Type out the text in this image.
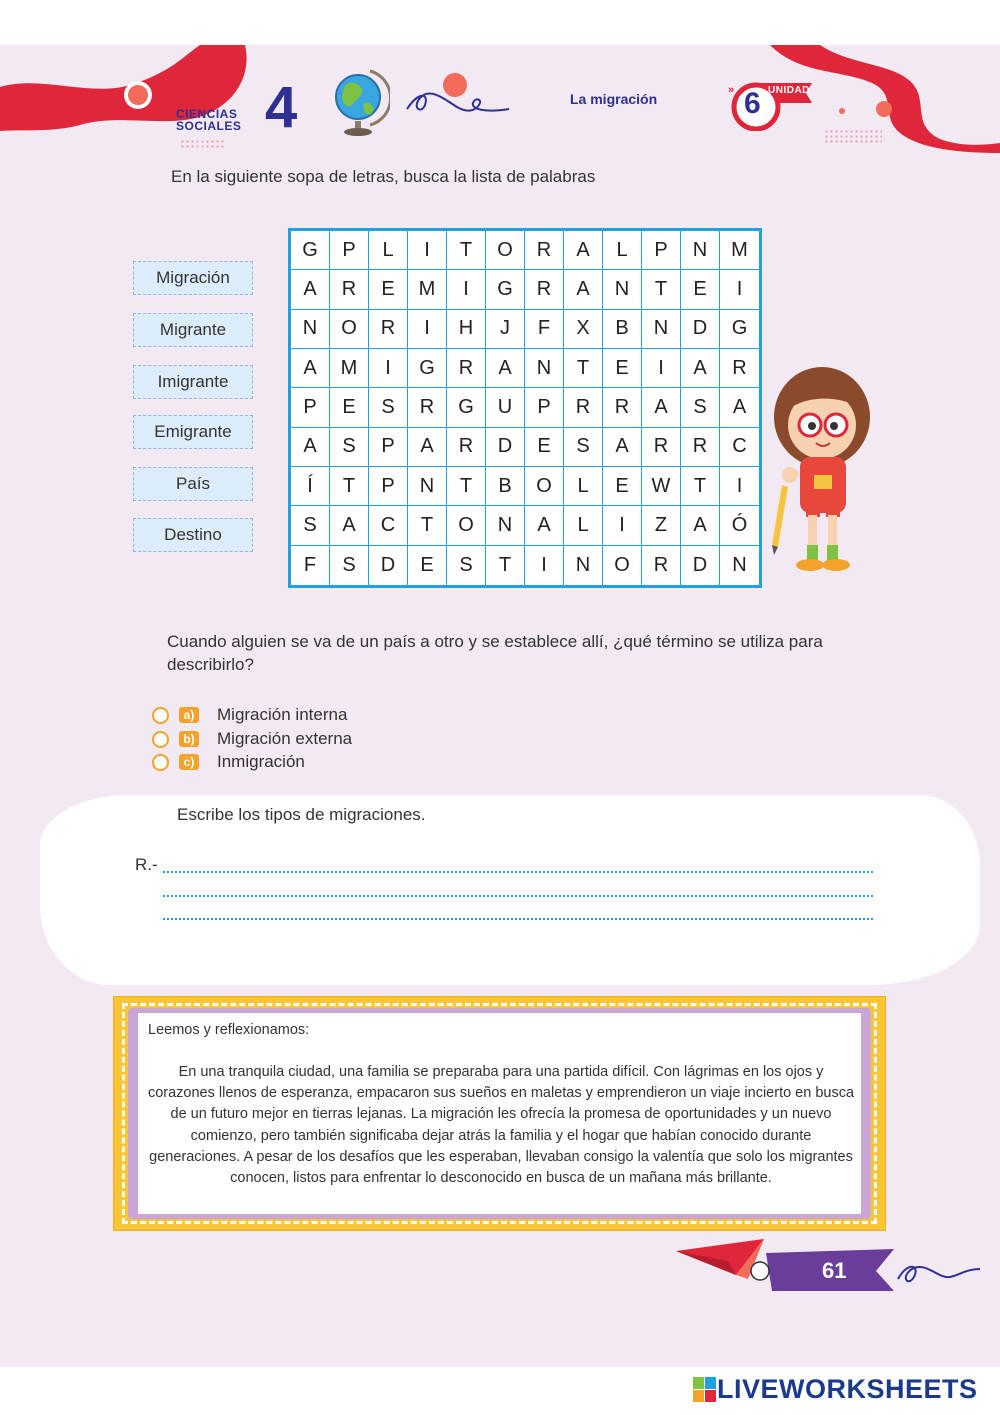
CIENCIAS
SOCIALES 4	La migración
»	UNIDAD
6
En la siguiente sopa de letras, busca la lista de palabras
Migración
Migrante
Imigrante
Emigrante
País
Destino
G	P	L	I	T	O	R	A	L	P	N	M
A	R	E	M	I	G	R	A	N	T	E	I
N	O	R	I	H	J	F	X	B	N	D	G
A	M	I	G	R	A	N	T	E	I	A	R
P	E	S	R	G	U	P	R	R	A	S	A
A	S	P	A	R	D	E	S	A	R	R	C
Í	T	P	N	T	B	O	L	E	W	T	I
S	A	C	T	O	N	A	L	I	Z	A	Ó
F	S	D	E	S	T	I	N	O	R	D	N
Cuando alguien se va de un país a otro y se establece allí, ¿qué término se utiliza para describirlo?
a) Migración interna
b) Migración externa
c) Inmigración
Escribe los tipos de migraciones.
R.-
Leemos y reflexionamos:
En una tranquila ciudad, una familia se preparaba para una partida difícil. Con lágrimas en los ojos y corazones llenos de esperanza, empacaron sus sueños en maletas y emprendieron un viaje incierto en busca de un futuro mejor en tierras lejanas. La migración les ofrecía la promesa de oportunidades y un nuevo comienzo, pero también significaba dejar atrás la familia y el hogar que habían conocido durante generaciones. A pesar de los desafíos que les esperaban, llevaban consigo la valentía que solo los migrantes conocen, listos para enfrentar lo desconocido en busca de un mañana más brillante.
61
LIVEWORKSHEETS
